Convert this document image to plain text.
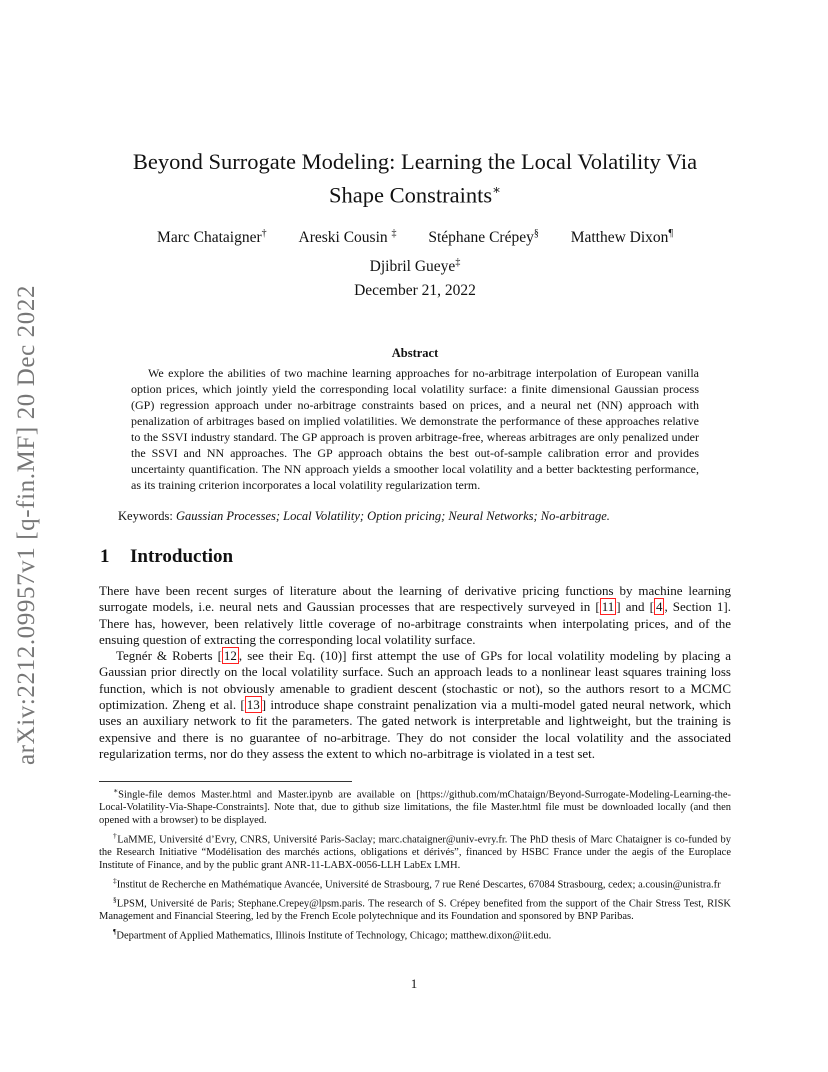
arXiv:2212.09957v1 [q-fin.MF] 20 Dec 2022
Beyond Surrogate Modeling: Learning the Local Volatility Via
Shape Constraints∗
Marc Chataigner† Areski Cousin ‡ Stéphane Crépey§ Matthew Dixon¶
Djibril Gueye‡
December 21, 2022
Abstract
We explore the abilities of two machine learning approaches for no-arbitrage interpolation of European vanilla option prices, which jointly yield the corresponding local volatility surface: a finite dimensional Gaussian process (GP) regression approach under no-arbitrage constraints based on prices, and a neural net (NN) approach with penalization of arbitrages based on implied volatilities. We demonstrate the performance of these approaches relative to the SSVI industry standard. The GP approach is proven arbitrage-free, whereas arbitrages are only penalized under the SSVI and NN approaches. The GP approach obtains the best out-of-sample calibration error and provides uncertainty quantification. The NN approach yields a smoother local volatility and a better backtesting performance, as its training criterion incorporates a local volatility regularization term.
Keywords: Gaussian Processes; Local Volatility; Option pricing; Neural Networks; No-arbitrage.
1 Introduction

There have been recent surges of literature about the learning of derivative pricing functions by machine learning surrogate models, i.e. neural nets and Gaussian processes that are respectively surveyed in [ 11 ] and [ 4 , Section 1]. There has, however, been relatively little coverage of no-arbitrage constraints when interpolating prices, and of the ensuing question of extracting the corresponding local volatility surface.

Tegnér & Roberts [ 12 , see their Eq. (10)] first attempt the use of GPs for local volatility modeling by placing a Gaussian prior directly on the local volatility surface. Such an approach leads to a nonlinear least squares training loss function, which is not obviously amenable to gradient descent (stochastic or not), so the authors resort to a MCMC optimization. Zheng et al. [ 13 ] introduce shape constraint penalization via a multi-model gated neural network, which uses an auxiliary network to fit the parameters. The gated network is interpretable and lightweight, but the training is expensive and there is no guarantee of no-arbitrage. They do not consider the local volatility and the associated regularization terms, nor do they assess the extent to which no-arbitrage is violated in a test set.

∗Single-file demos Master.html and Master.ipynb are available on [https://github.com/mChataign/Beyond-Surrogate-Modeling-Learning-the-Local-Volatility-Via-Shape-Constraints]. Note that, due to github size limitations, the file Master.html file must be downloaded locally (and then opened with a browser) to be displayed.

†LaMME, Université d’Evry, CNRS, Université Paris-Saclay; marc.chataigner@univ-evry.fr. The PhD thesis of Marc Chataigner is co-funded by the Research Initiative “Modélisation des marchés actions, obligations et dérivés”, financed by HSBC France under the aegis of the Europlace Institute of Finance, and by the public grant ANR-11-LABX-0056-LLH LabEx LMH.

‡Institut de Recherche en Mathématique Avancée, Université de Strasbourg, 7 rue René Descartes, 67084 Strasbourg, cedex; a.cousin@unistra.fr

§LPSM, Université de Paris; Stephane.Crepey@lpsm.paris. The research of S. Crépey benefited from the support of the Chair Stress Test, RISK Management and Financial Steering, led by the French Ecole polytechnique and its Foundation and sponsored by BNP Paribas.

¶Department of Applied Mathematics, Illinois Institute of Technology, Chicago; matthew.dixon@iit.edu.

1
